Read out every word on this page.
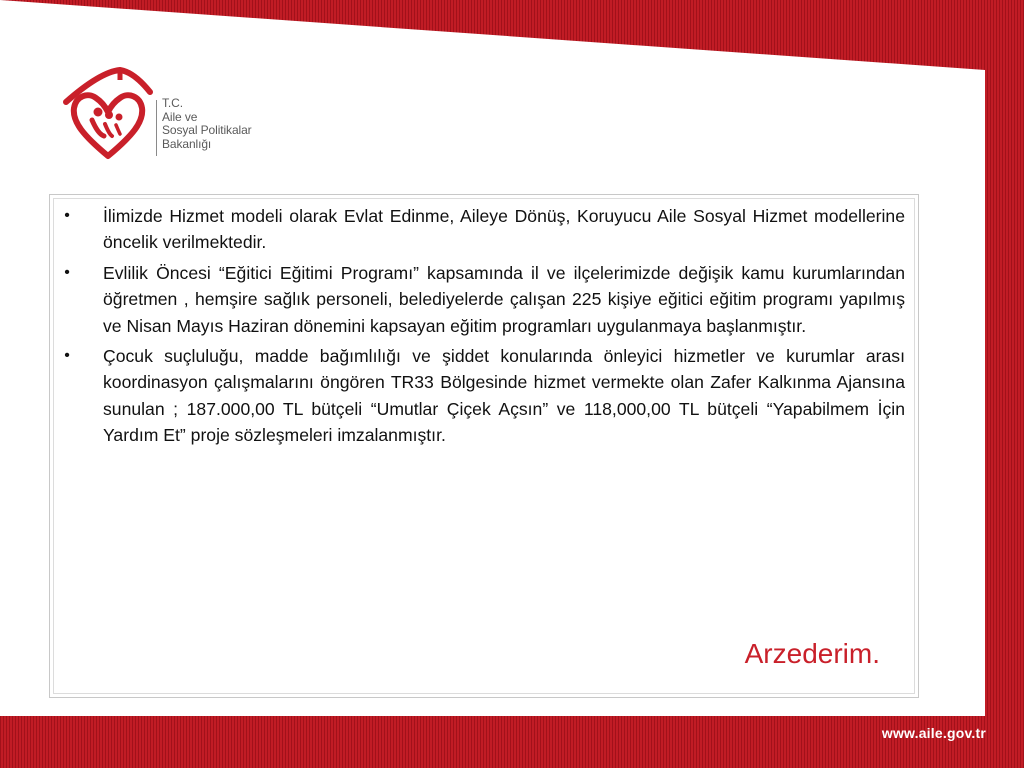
T.C.
Aile ve
Sosyal Politikalar
Bakanlığı
• İlimizde Hizmet modeli olarak Evlat Edinme, Aileye Dönüş, Koruyucu Aile Sosyal Hizmet modellerine öncelik verilmektedir.
• Evlilik Öncesi “Eğitici Eğitimi Programı” kapsamında il ve ilçelerimizde değişik kamu kurumlarından öğretmen , hemşire sağlık personeli, belediyelerde çalışan 225 kişiye eğitici eğitim programı yapılmış ve Nisan Mayıs Haziran dönemini kapsayan eğitim programları uygulanmaya başlanmıştır.
• Çocuk suçluluğu, madde bağımlılığı ve şiddet konularında önleyici hizmetler ve kurumlar arası koordinasyon çalışmalarını öngören TR33 Bölgesinde hizmet vermekte olan Zafer Kalkınma Ajansına sunulan ; 187.000,00 TL bütçeli “Umutlar Çiçek Açsın” ve 118,000,00 TL bütçeli “Yapabilmem İçin Yardım Et” proje sözleşmeleri imzalanmıştır.
Arzederim.
www.aile.gov.tr
